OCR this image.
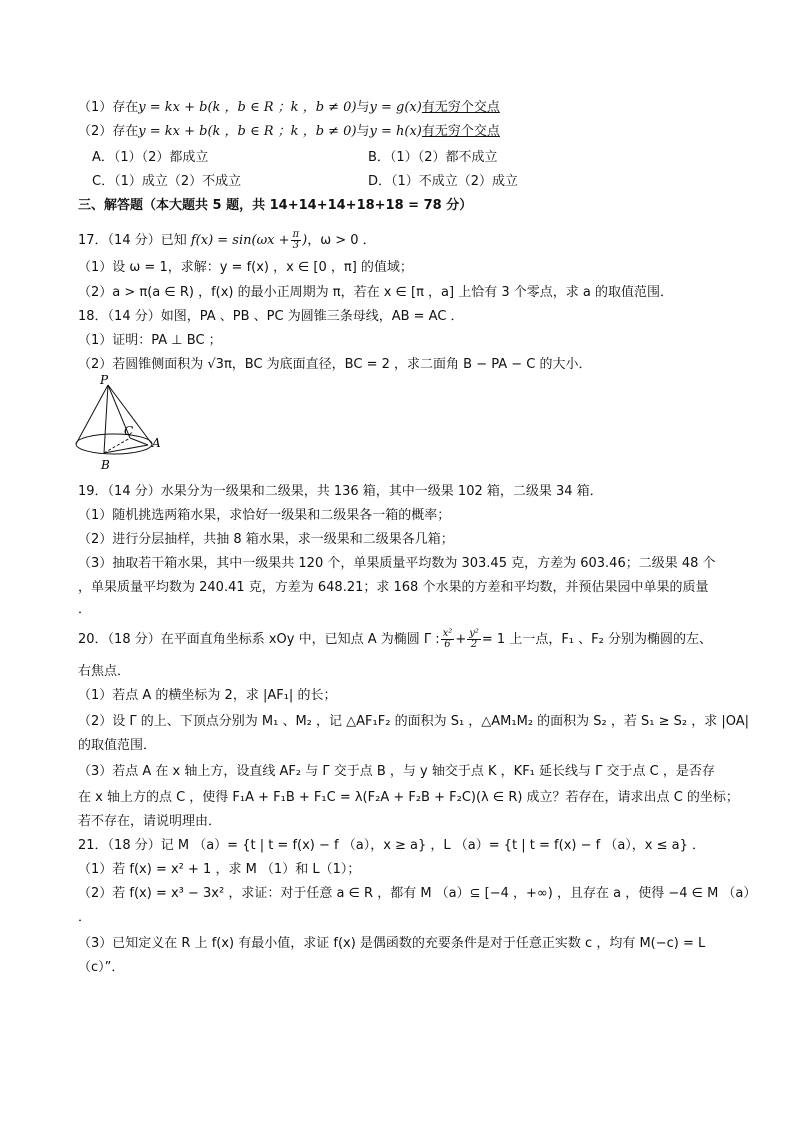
（1）存在y = kx + b(k ，b ∈ R ；k ，b ≠ 0)与y = g(x)有无穷个交点
（2）存在y = kx + b(k ，b ∈ R ；k ，b ≠ 0)与y = h(x)有无穷个交点
A．（1）（2）都成立	B．（1）（2）都不成立
C．（1）成立（2）不成立	D．（1）不成立（2）成立
三、解答题（本大题共 5 题，共 14+14+14+18+18 = 78 分）
17．（14 分）已知 $f(x) = \sin(\omega x + \frac{\pi}{3}$ )，ω > 0 ．
（1）设 ω = 1，求解：y = f(x) ，x ∈ [0 ，π] 的值域；
（2）a > π(a ∈ R) ，f(x) 的最小正周期为 π，若在 x ∈ [π ，a] 上恰有 3 个零点，求 a 的取值范围．
18．（14 分）如图，PA 、PB 、PC 为圆锥三条母线，AB = AC ．
（1）证明：PA ⊥ BC ；
（2）若圆锥侧面积为 √3π，BC 为底面直径，BC = 2 ，求二面角 B − PA − C 的大小．
P
A
B
C
19．（14 分）水果分为一级果和二级果，共 136 箱，其中一级果 102 箱，二级果 34 箱．
（1）随机挑选两箱水果，求恰好一级果和二级果各一箱的概率；
（2）进行分层抽样，共抽 8 箱水果，求一级果和二级果各几箱；
（3）抽取若干箱水果，其中一级果共 120 个，单果质量平均数为 303.45 克，方差为 603.46；二级果 48 个
，单果质量平均数为 240.41 克，方差为 648.21；求 168 个水果的方差和平均数，并预估果园中单果的质量
．
20．（18 分）在平面直角坐标系 xOy 中，已知点 A 为椭圆 Γ : $\frac{\text{x²}}{6} + \frac{\text{y²}}{2} = 1$ 上一点，F₁ 、F₂ 分别为椭圆的左、
右焦点．
（1）若点 A 的横坐标为 2，求 |AF₁| 的长；
（2）设 Γ 的上、下顶点分别为 M₁ 、M₂ ，记 △AF₁F₂ 的面积为 S₁ ，△AM₁M₂ 的面积为 S₂ ，若 S₁ ≥ S₂ ，求 |OA|
的取值范围．
（3）若点 A 在 x 轴上方，设直线 AF₂ 与 Γ 交于点 B ，与 y 轴交于点 K ，KF₁ 延长线与 Γ 交于点 C ，是否存
在 x 轴上方的点 C ，使得 F₁A + F₁B + F₁C = λ(F₂A + F₂B + F₂C)(λ ∈ R) 成立？若存在，请求出点 C 的坐标；
若不存在，请说明理由．
21．（18 分）记 M （a）= {t | t = f(x) − f （a），x ≥ a} ，L （a）= {t | t = f(x) − f （a），x ≤ a} ．
（1）若 f(x) = x² + 1 ，求 M （1）和 L（1）；
（2）若 f(x) = x³ − 3x² ，求证：对于任意 a ∈ R ，都有 M （a）⊆ [−4 ，+∞) ，且存在 a ，使得 −4 ∈ M （a）
．
（3）已知定义在 R 上 f(x) 有最小值，求证 f(x) 是偶函数的充要条件是对于任意正实数 c ，均有 M(−c) = L
（c）”．
